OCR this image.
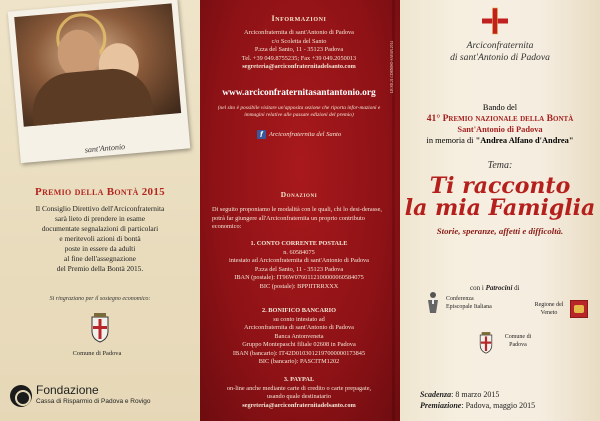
sant'Antonio
Premio della Bontà 2015
Il Consiglio Direttivo dell'Arciconfraternita
sarà lieto di prendere in esame
documentate segnalazioni di particolari
e meritevoli azioni di bontà
poste in essere da adulti
al fine dell'assegnazione
del Premio della Bontà 2015.
Si ringraziano per il sostegno economico:
Comune di Padova
Fondazione
Cassa di Risparmio di Padova e Rovigo
LR.SD.21.CORNISO-SAVAN.2014
Informazioni
Arciconfraternita di sant'Antonio di Padova
c/o Scoletta del Santo
P.zza del Santo, 11 - 35123 Padova
Tel. +39 049.8755235; Fax +39 049.2050013
segreteria@arciconfraternitadelsanto.com
www.arciconfraternitasantantonio.org
(nel sito è possibile visitare un'apposita sezione che riporta infor-mazioni e immagini relative alle passate edizioni del premio)
f Arciconfraternita del Santo
Donazioni
Di seguito proponiamo le modalità con le quali, chi lo desi-derasse, potrà far giungere all'Arciconfraternita un proprio contributo economico:
1. CONTO CORRENTE POSTALE
n. 60584075
intestato ad Arciconfraternita di sant'Antonio di Padova
P.zza del Santo, 11 - 35123 Padova
IBAN (postale): IT96W0760112100000060584075
BIC (postale): BPPIITRRXXX
2. BONIFICO BANCARIO
su conto intestato ad
Arciconfraternita di sant'Antonio di Padova
Banca Antonveneta
Gruppo Montepaschi filiale 02608 in Padova
IBAN (bancario): IT42D0103012197000000173845
BIC (bancario): PASCITM1202
3. PAYPAL
on-line anche mediante carte di credito o carte prepagate,
usando quale destinatario
segreteria@arciconfraternitadelsanto.com
Arciconfraternita
di sant'Antonio di Padova
Bando del
41° Premio nazionale della Bontà
Sant'Antonio di Padova
in memoria di "Andrea Alfano d'Andrea"
Tema:
Ti racconto
la mia Famiglia
Storie, speranze, affetti e difficoltà.
con i Patrocini di
Conferenza Episcopale Italiana	Regione del Veneto
Comune di Padova
Scadenza: 8 marzo 2015
Premiazione: Padova, maggio 2015
